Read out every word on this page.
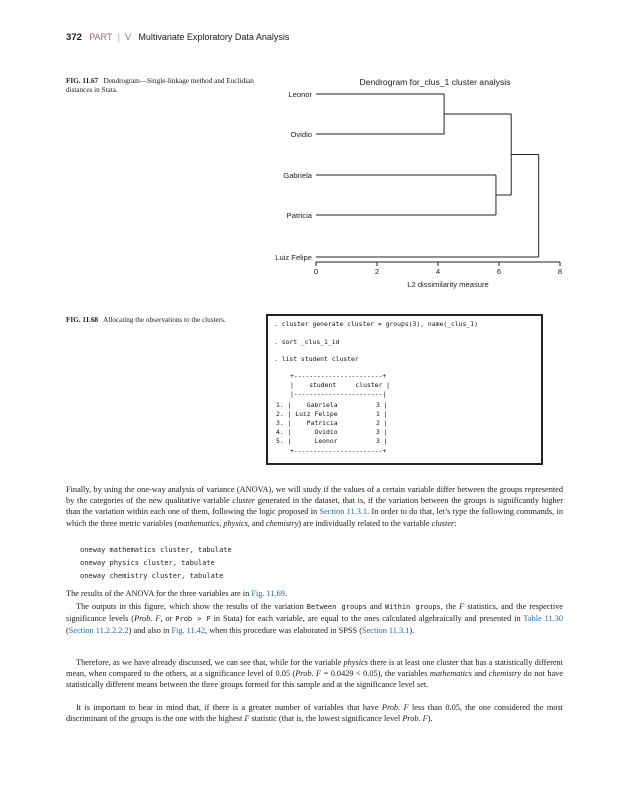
372 PART | V Multivariate Exploratory Data Analysis
FIG. 11.67 Dendrogram—Single-linkage method and Euclidian distances in Stata.
Dendrogram for_clus_1 cluster analysis
Leonor
Ovidio
Gabriela
Patricia
Luiz Felipe
0	2	4	6	8
L2 dissimilarity measure
FIG. 11.68 Allocating the observations to the clusters.	. cluster generate cluster = groups(3), name(_clus_1)
. sort _clus_1_id
. list student cluster
+-----------------------+
|    student     cluster |
|-----------------------|
1. |    Gabriela          3 |
2. | Luiz Felipe          1 |
3. |    Patricia          2 |
4. |      Ovidio          3 |
5. |      Leonor          3 |
+-----------------------+
Finally, by using the one-way analysis of variance (ANOVA), we will study if the values of a certain variable differ between the groups represented by the categories of the new qualitative variable cluster generated in the dataset, that is, if the variation between the groups is significantly higher than the variation within each one of them, following the logic proposed in Section 11.3.1. In order to do that, let’s type the following commands, in which the three metric variables (mathematics, physics, and chemistry) are individually related to the variable cluster:
oneway mathematics cluster, tabulate
oneway physics cluster, tabulate
oneway chemistry cluster, tabulate
The results of the ANOVA for the three variables are in Fig. 11.69.
The outputs in this figure, which show the results of the variation Between groups and Within groups, the F statistics, and the respective significance levels (Prob. F, or Prob > F in Stata) for each variable, are equal to the ones calculated algebraically and presented in Table 11.30 (Section 11.2.2.2.2) and also in Fig. 11.42, when this procedure was elaborated in SPSS (Section 11.3.1).
Therefore, as we have already discussed, we can see that, while for the variable physics there is at least one cluster that has a statistically different mean, when compared to the others, at a significance level of 0.05 (Prob. F = 0.0429 < 0.05), the variables mathematics and chemistry do not have statistically different means between the three groups formed for this sample and at the significance level set.
It is important to bear in mind that, if there is a greater number of variables that have Prob. F less than 0.05, the one considered the most discriminant of the groups is the one with the highest F statistic (that is, the lowest significance level Prob. F).
